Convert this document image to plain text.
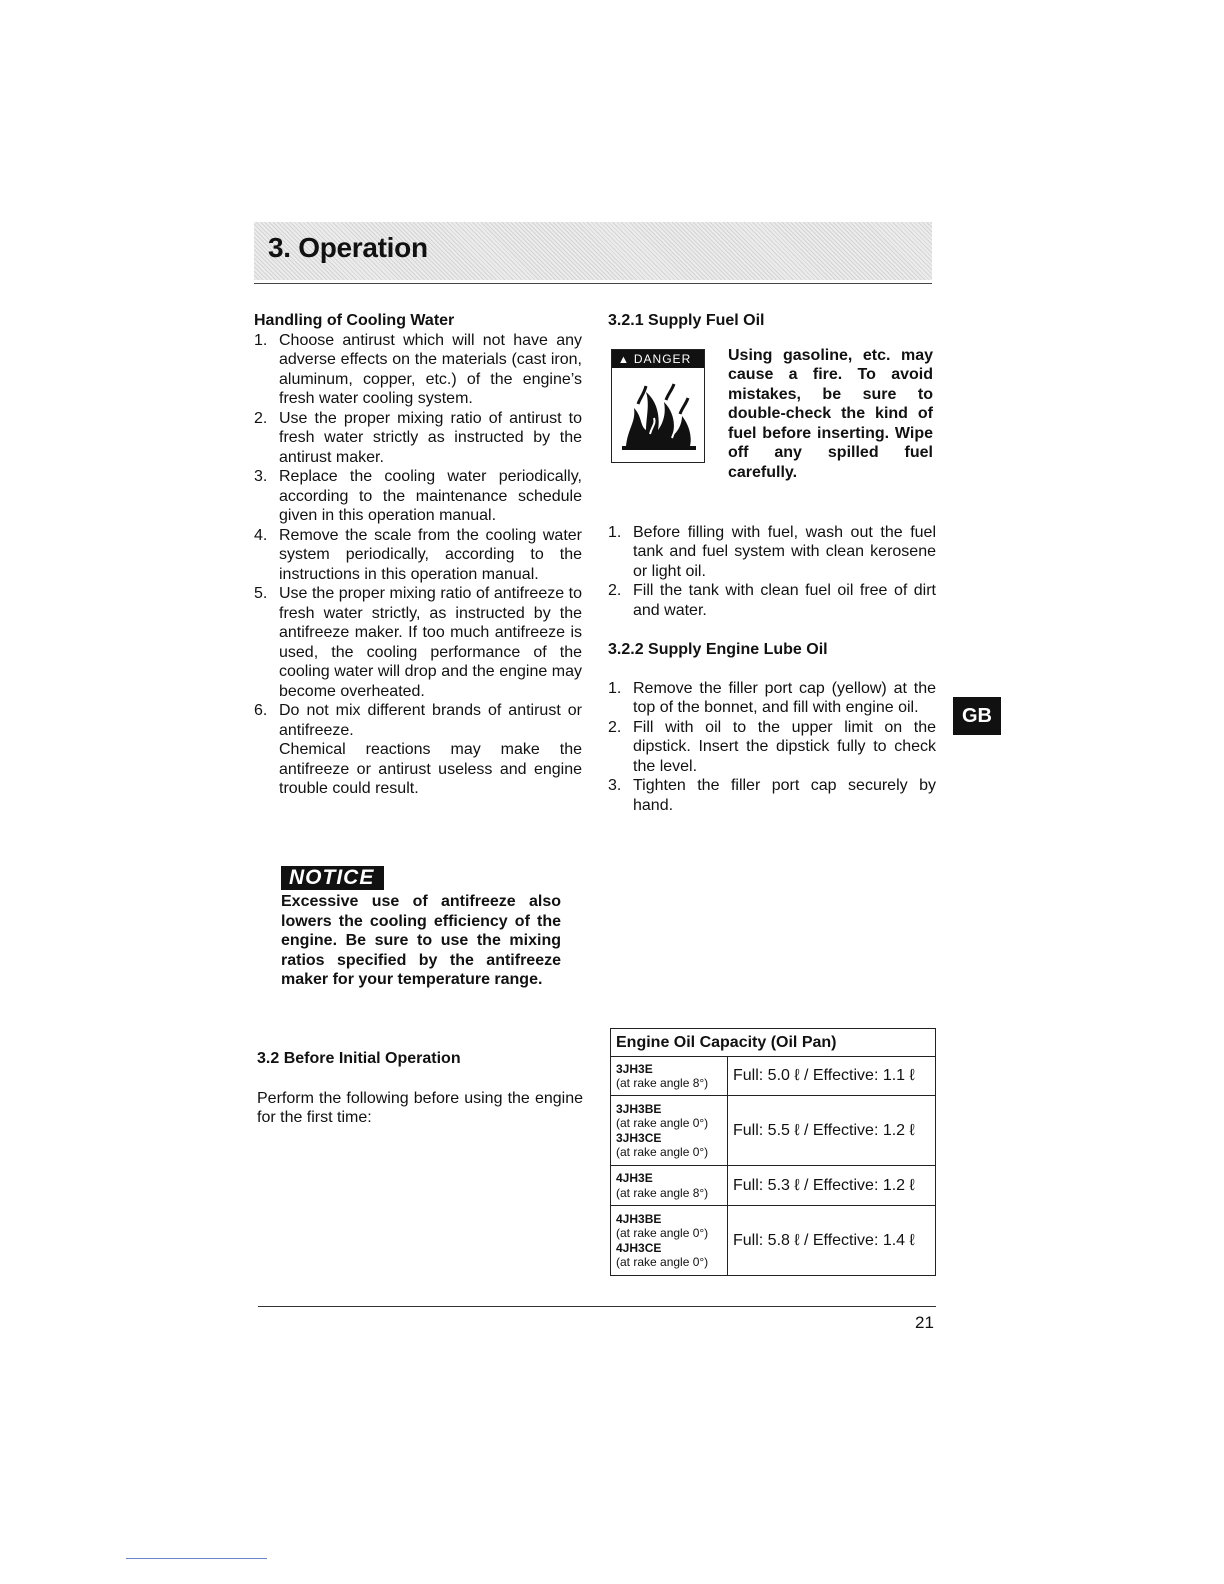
3. Operation
Handling of Cooling Water
1. Choose antirust which will not have any adverse effects on the materials (cast iron, aluminum, copper, etc.) of the engine’s fresh water cooling system.
2. Use the proper mixing ratio of antirust to fresh water strictly as instructed by the antirust maker.
3. Replace the cooling water periodically, according to the maintenance schedule given in this operation manual.
4. Remove the scale from the cooling water system periodically, according to the instructions in this operation manual.
5. Use the proper mixing ratio of antifreeze to fresh water strictly, as instructed by the antifreeze maker. If too much antifreeze is used, the cooling performance of the cooling water will drop and the engine may become overheated.
6. Do not mix different brands of antirust or antifreeze.
Chemical reactions may make the antifreeze or antirust useless and engine trouble could result.
NOTICE
Excessive use of antifreeze also lowers the cooling efficiency of the engine. Be sure to use the mixing ratios specified by the antifreeze maker for your temperature range.
3.2 Before Initial Operation

Perform the following before using the engine for the first time:

3.2.1 Supply Fuel Oil
▲ DANGER	Using gasoline, etc. may cause a fire. To avoid mistakes, be sure to double-check the kind of fuel before inserting. Wipe off any spilled fuel carefully.
1. Before filling with fuel, wash out the fuel tank and fuel system with clean kerosene or light oil.
2. Fill the tank with clean fuel oil free of dirt and water.
3.2.2 Supply Engine Lube Oil
1. Remove the filler port cap (yellow) at the top of the bonnet, and fill with engine oil.
2. Fill with oil to the upper limit on the dipstick. Insert the dipstick fully to check the level.
3. Tighten the filler port cap securely by hand.
GB
Engine Oil Capacity (Oil Pan)	
3JH3E
(at rake angle 8°)	Full: 5.0 ℓ / Effective: 1.1 ℓ
3JH3BE
(at rake angle 0°)
3JH3CE
(at rake angle 0°)	Full: 5.5 ℓ / Effective: 1.2 ℓ
4JH3E
(at rake angle 8°)	Full: 5.3 ℓ / Effective: 1.2 ℓ
4JH3BE
(at rake angle 0°)
4JH3CE
(at rake angle 0°)	Full: 5.8 ℓ / Effective: 1.4 ℓ
21
